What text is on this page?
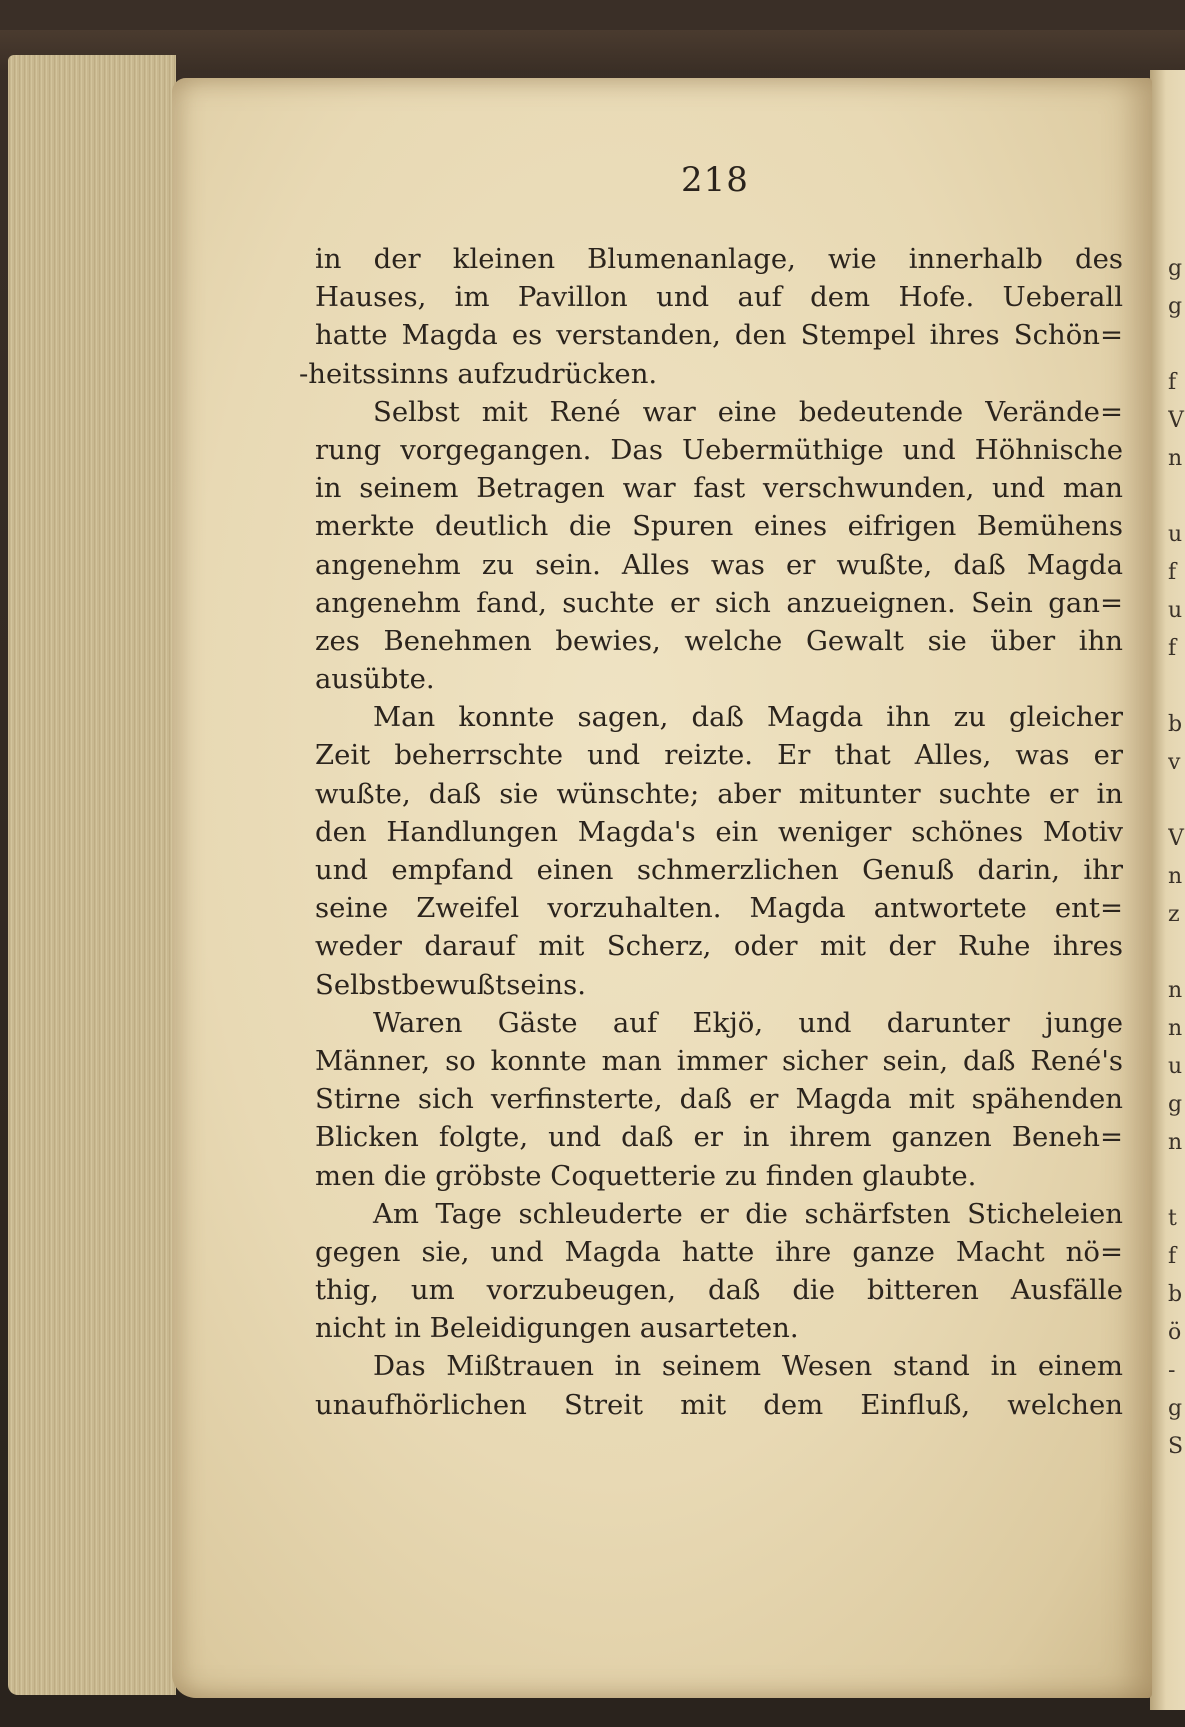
g
g

f
V
n

u
f
u
f

b
v

V
n
z

n
n
u
g
n

t
f
b
ö
-
g
S
218
in der kleinen Blumenanlage, wie innerhalb des
Hauses, im Pavillon und auf dem Hofe. Ueberall
hatte Magda es verstanden, den Stempel ihres Schön=
-heitssinns aufzudrücken.
Selbst mit René war eine bedeutende Verände=
rung vorgegangen. Das Uebermüthige und Höhnische
in seinem Betragen war fast verschwunden, und man
merkte deutlich die Spuren eines eifrigen Bemühens
angenehm zu sein. Alles was er wußte, daß Magda
angenehm fand, suchte er sich anzueignen. Sein gan=
zes Benehmen bewies, welche Gewalt sie über ihn
ausübte.
Man konnte sagen, daß Magda ihn zu gleicher
Zeit beherrschte und reizte. Er that Alles, was er
wußte, daß sie wünschte; aber mitunter suchte er in
den Handlungen Magda's ein weniger schönes Motiv
und empfand einen schmerzlichen Genuß darin, ihr
seine Zweifel vorzuhalten. Magda antwortete ent=
weder darauf mit Scherz, oder mit der Ruhe ihres
Selbstbewußtseins.
Waren Gäste auf Ekjö, und darunter junge
Männer, so konnte man immer sicher sein, daß René's
Stirne sich verfinsterte, daß er Magda mit spähenden
Blicken folgte, und daß er in ihrem ganzen Beneh=
men die gröbste Coquetterie zu finden glaubte.
Am Tage schleuderte er die schärfsten Sticheleien
gegen sie, und Magda hatte ihre ganze Macht nö=
thig, um vorzubeugen, daß die bitteren Ausfälle
nicht in Beleidigungen ausarteten.
Das Mißtrauen in seinem Wesen stand in einem
unaufhörlichen Streit mit dem Einfluß, welchen
